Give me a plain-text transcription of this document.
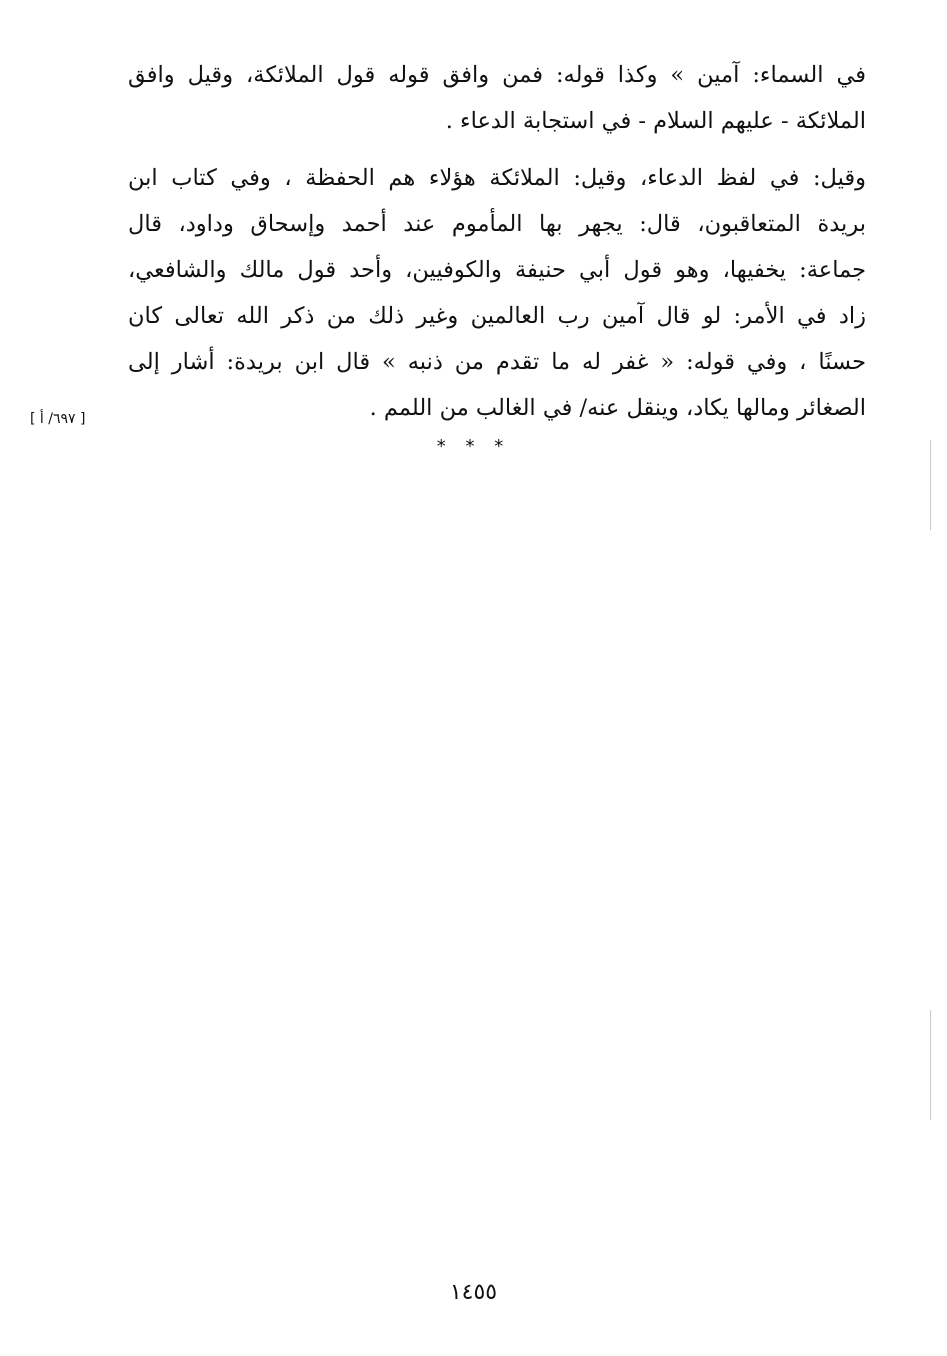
في السماء: آمين » وكذا قوله: فمن وافق قوله قول الملائكة، وقيل وافق
الملائكة - عليهم السلام - في استجابة الدعاء .
وقيل: في لفظ الدعاء، وقيل: الملائكة هؤلاء هم الحفظة ، وفي كتاب ابن
بريدة المتعاقبون، قال: يجهر بها المأموم عند أحمد وإسحاق وداود، قال
جماعة: يخفيها، وهو قول أبي حنيفة والكوفيين، وأحد قول مالك والشافعي،
زاد في الأمر: لو قال آمين رب العالمين وغير ذلك من ذكر الله تعالى كان
حسنًا ، وفي قوله: « غفر له ما تقدم من ذنبه » قال ابن بريدة: أشار إلى
الصغائر ومالها يكاد، وينقل عنه/ في الغالب من اللمم .
[ ٦٩٧/ أ ]
* * *
١٤٥٥
